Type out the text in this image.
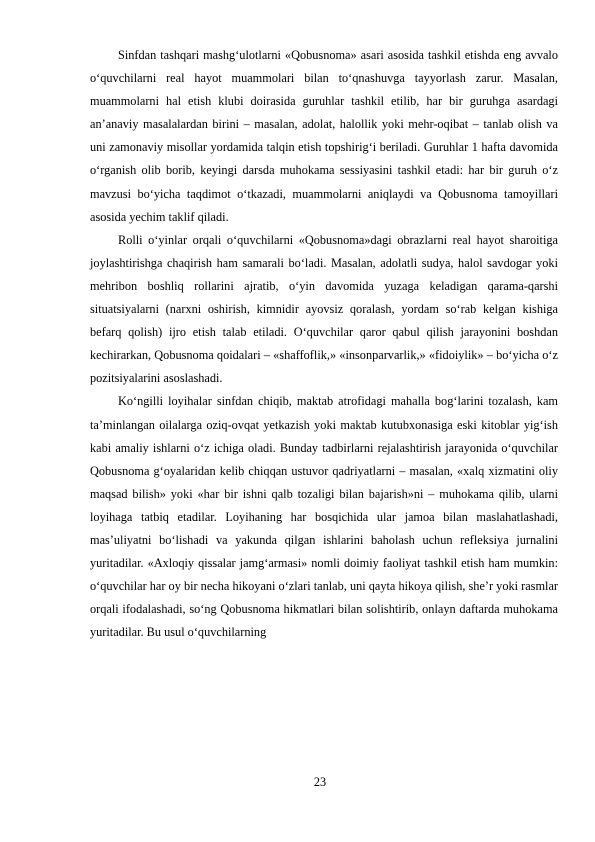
Sinfdan tashqari mashg‘ulotlarni «Qobusnoma» asari asosida tashkil etishda eng avvalo o‘quvchilarni real hayot muammolari bilan to‘qnashuvga tayyorlash zarur. Masalan, muammolarni hal etish klubi doirasida guruhlar tashkil etilib, har bir guruhga asardagi an’anaviy masalalardan birini – masalan, adolat, halollik yoki mehr-oqibat – tanlab olish va uni zamonaviy misollar yordamida talqin etish topshirig‘i beriladi. Guruhlar 1 hafta davomida o‘rganish olib borib, keyingi darsda muhokama sessiyasini tashkil etadi: har bir guruh o‘z mavzusi bo‘yicha taqdimot o‘tkazadi, muammolarni aniqlaydi va Qobusnoma tamoyillari asosida yechim taklif qiladi.

Rolli o‘yinlar orqali o‘quvchilarni «Qobusnoma»dagi obrazlarni real hayot sharoitiga joylashtirishga chaqirish ham samarali bo‘ladi. Masalan, adolatli sudya, halol savdogar yoki mehribon boshliq rollarini ajratib, o‘yin davomida yuzaga keladigan qarama-qarshi situatsiyalarni (narxni oshirish, kimnidir ayovsiz qoralash, yordam so‘rab kelgan kishiga befarq qolish) ijro etish talab etiladi. O‘quvchilar qaror qabul qilish jarayonini boshdan kechirarkan, Qobusnoma qoidalari – «shaffoflik,» «insonparvarlik,» «fidoiylik» – bo‘yicha o‘z pozitsiyalarini asoslashadi.

Ko‘ngilli loyihalar sinfdan chiqib, maktab atrofidagi mahalla bog‘larini tozalash, kam ta’minlangan oilalarga oziq-ovqat yetkazish yoki maktab kutubxonasiga eski kitoblar yig‘ish kabi amaliy ishlarni o‘z ichiga oladi. Bunday tadbirlarni rejalashtirish jarayonida o‘quvchilar Qobusnoma g‘oyalaridan kelib chiqqan ustuvor qadriyatlarni – masalan, «xalq xizmatini oliy maqsad bilish» yoki «har bir ishni qalb tozaligi bilan bajarish»ni – muhokama qilib, ularni loyihaga tatbiq etadilar. Loyihaning har bosqichida ular jamoa bilan maslahatlashadi, mas’uliyatni bo‘lishadi va yakunda qilgan ishlarini baholash uchun refleksiya jurnalini yuritadilar. «Axloqiy qissalar jamg‘armasi» nomli doimiy faoliyat tashkil etish ham mumkin: o‘quvchilar har oy bir necha hikoyani o‘zlari tanlab, uni qayta hikoya qilish, she’r yoki rasmlar orqali ifodalashadi, so‘ng Qobusnoma hikmatlari bilan solishtirib, onlayn daftarda muhokama yuritadilar. Bu usul o‘quvchilarning

23
